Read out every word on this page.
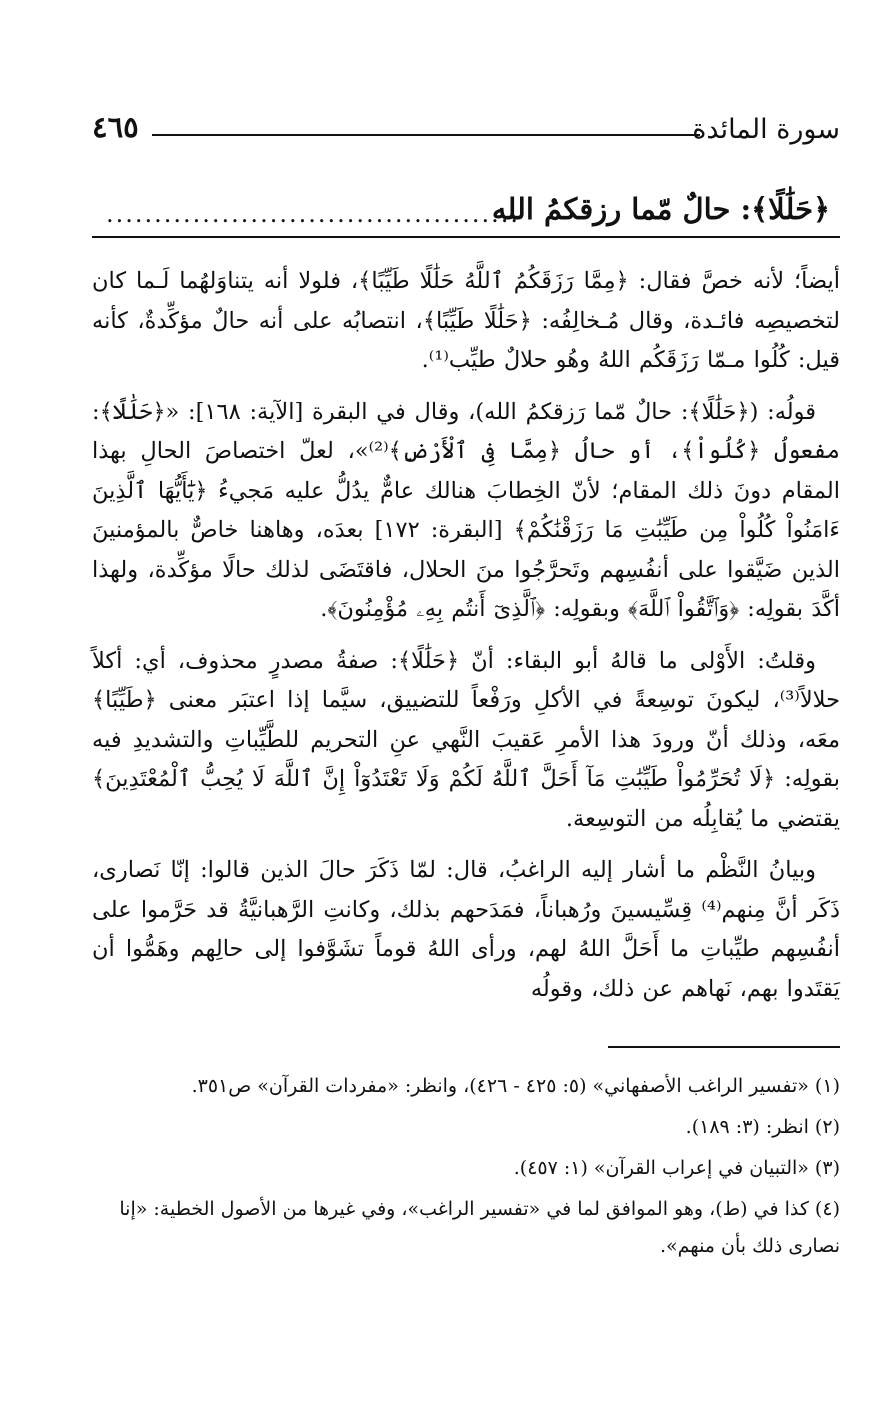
سورة المائدة
٤٦٥
﴿حَلَٰلًا﴾: حالٌ مّما رزقكمُ الله
...........................................

أيضاً؛ لأنه خصَّ فقال: ﴿مِمَّا رَزَقَكُمُ ٱللَّهُ حَلَٰلًا طَيِّبًا﴾، فلولا أنه يتناوَلهُما لَـما كان لتخصيصِه فائـدة، وقال مُـخالِفُه: ﴿حَلَٰلًا طَيِّبًا﴾، انتصابُه على أنه حالٌ مؤكِّدةٌ، كأنه قيل: كُلُوا مـمّا رَزَقَكُم اللهُ وهُو حلالٌ طيِّب⁽¹⁾.

قولُه: (﴿حَلَٰلًا﴾: حالٌ مّما رَزقكمُ الله)، وقال في البقرة [الآية: ١٦٨]: «﴿حَلَٰلًا﴾: مفعولُ ﴿كُلُواْ﴾، أو حالُ ﴿مِمَّا فِى ٱلْأَرْضِ﴾⁽²⁾»، لعلّ اختصاصَ الحالِ بهذا المقام دونَ ذلك المقام؛ لأنّ الخِطابَ هنالك عامٌّ يدُلُّ عليه مَجيءُ ﴿يَٰٓأَيُّهَا ٱلَّذِينَ ءَامَنُواْ كُلُواْ مِن طَيِّبَٰتِ مَا رَزَقْنَٰكُمْ﴾ [البقرة: ١٧٢] بعدَه، وهاهنا خاصٌّ بالمؤمنينَ الذين ضَيَّقوا على أنفُسِهم وتَحرَّجُوا منَ الحلال، فاقتَضَى لذلك حالًا مؤكِّدة، ولهذا أكَّدَ بقولِه: ﴿وَٱتَّقُواْ ٱللَّهَ﴾ وبقولِه: ﴿ٱلَّذِىٓ أَنتُم بِهِۦ مُؤْمِنُونَ﴾.

وقلتُ: الأَوْلى ما قالهُ أبو البقاء: أنّ ﴿حَلَٰلًا﴾: صفةُ مصدرٍ محذوف، أي: أكلاً حلالاً⁽³⁾، ليكونَ توسِعةً في الأكلِ ورَفْعاً للتضييق، سيَّما إذا اعتبَر معنى ﴿طَيِّبًا﴾ معَه، وذلك أنّ ورودَ هذا الأمرِ عَقيبَ النَّهي عنِ التحريم للطَّيِّباتِ والتشديدِ فيه بقولِه: ﴿لَا تُحَرِّمُواْ طَيِّبَٰتِ مَآ أَحَلَّ ٱللَّهُ لَكُمْ وَلَا تَعْتَدُوٓاْ إِنَّ ٱللَّهَ لَا يُحِبُّ ٱلْمُعْتَدِينَ﴾ يقتضي ما يُقابِلُه من التوسِعة.

وبيانُ النَّظْم ما أشار إليه الراغبُ، قال: لمّا ذَكَرَ حالَ الذين قالوا: إنّا نَصارى، ذَكَر أنَّ مِنهم⁽⁴⁾ قِسِّيسينَ ورُهباناً، فمَدَحهم بذلك، وكانتِ الرَّهبانيَّةُ قد حَرَّموا على أنفُسِهم طيِّباتِ ما أَحَلَّ اللهُ لهم، ورأى اللهُ قوماً تشَوَّفوا إلى حالِهم وهَمُّوا أن يَقتَدوا بهم، نَهاهم عن ذلك، وقولُه

(١) «تفسير الراغب الأصفهاني» (٥: ٤٢٥ - ٤٢٦)، وانظر: «مفردات القرآن» ص٣٥١.

(٢) انظر: (٣: ١٨٩).

(٣) «التبيان في إعراب القرآن» (١: ٤٥٧).

(٤) كذا في (ط)، وهو الموافق لما في «تفسير الراغب»، وفي غيرها من الأصول الخطية: «إنا نصارى ذلك بأن منهم».
